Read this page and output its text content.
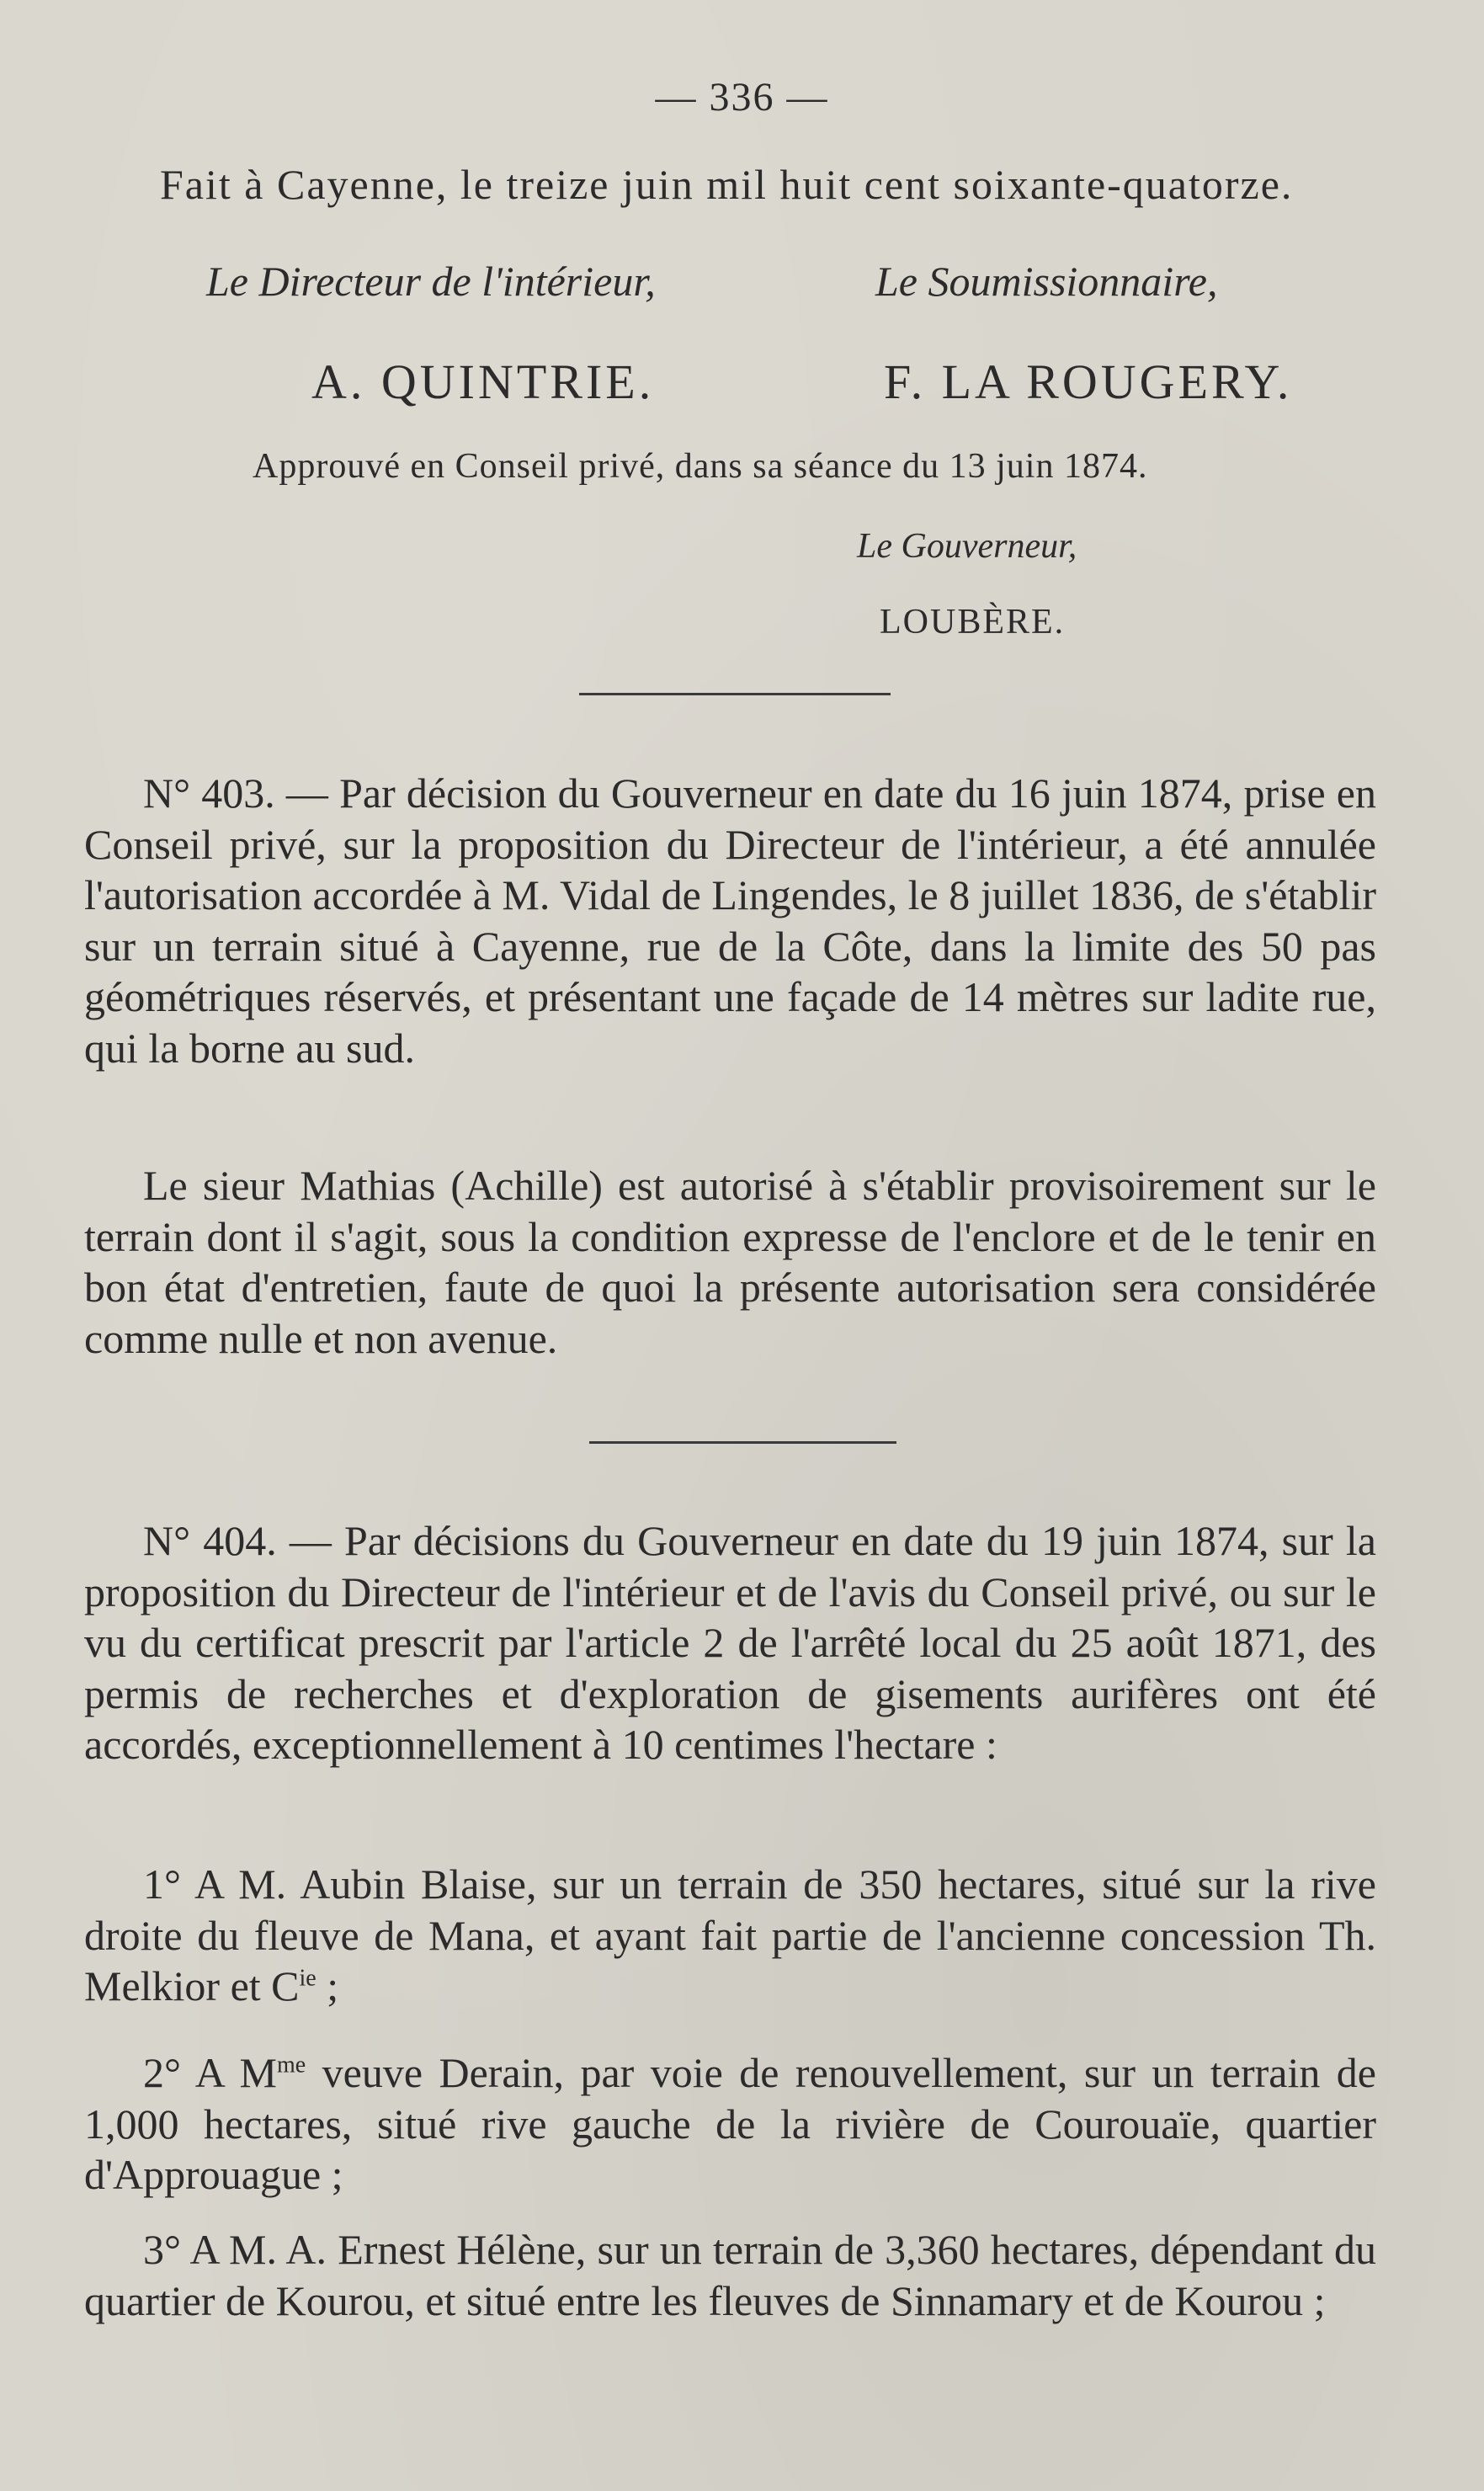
— 336 —
Fait à Cayenne, le treize juin mil huit cent soixante-quatorze.
Le Directeur de l'intérieur,	Le Soumissionnaire,
A. QUINTRIE.	F. LA ROUGERY.
Approuvé en Conseil privé, dans sa séance du 13 juin 1874.
Le Gouverneur,
LOUBÈRE.
N° 403. — Par décision du Gouverneur en date du 16 juin 1874, prise en Conseil privé, sur la proposition du Directeur de l'intérieur, a été annulée l'autorisation accordée à M. Vidal de Lingendes, le 8 juillet 1836, de s'établir sur un terrain situé à Cayenne, rue de la Côte, dans la limite des 50 pas géométriques réservés, et présentant une façade de 14 mètres sur ladite rue, qui la borne au sud.
Le sieur Mathias (Achille) est autorisé à s'établir provisoirement sur le terrain dont il s'agit, sous la condition expresse de l'enclore et de le tenir en bon état d'entretien, faute de quoi la présente autorisation sera considérée comme nulle et non avenue.
N° 404. — Par décisions du Gouverneur en date du 19 juin 1874, sur la proposition du Directeur de l'intérieur et de l'avis du Conseil privé, ou sur le vu du certificat prescrit par l'article 2 de l'arrêté local du 25 août 1871, des permis de recherches et d'exploration de gisements aurifères ont été accordés, exceptionnellement à 10 centimes l'hectare :
1° A M. Aubin Blaise, sur un terrain de 350 hectares, situé sur la rive droite du fleuve de Mana, et ayant fait partie de l'ancienne concession Th. Melkior et $C^{ie}$ ;
2° A $M^{me}$ veuve Derain, par voie de renouvellement, sur un terrain de 1,000 hectares, situé rive gauche de la rivière de Courouaïe, quartier d'Approuague ;
3° A M. A. Ernest Hélène, sur un terrain de 3,360 hectares, dépendant du quartier de Kourou, et situé entre les fleuves de Sinnamary et de Kourou ;
